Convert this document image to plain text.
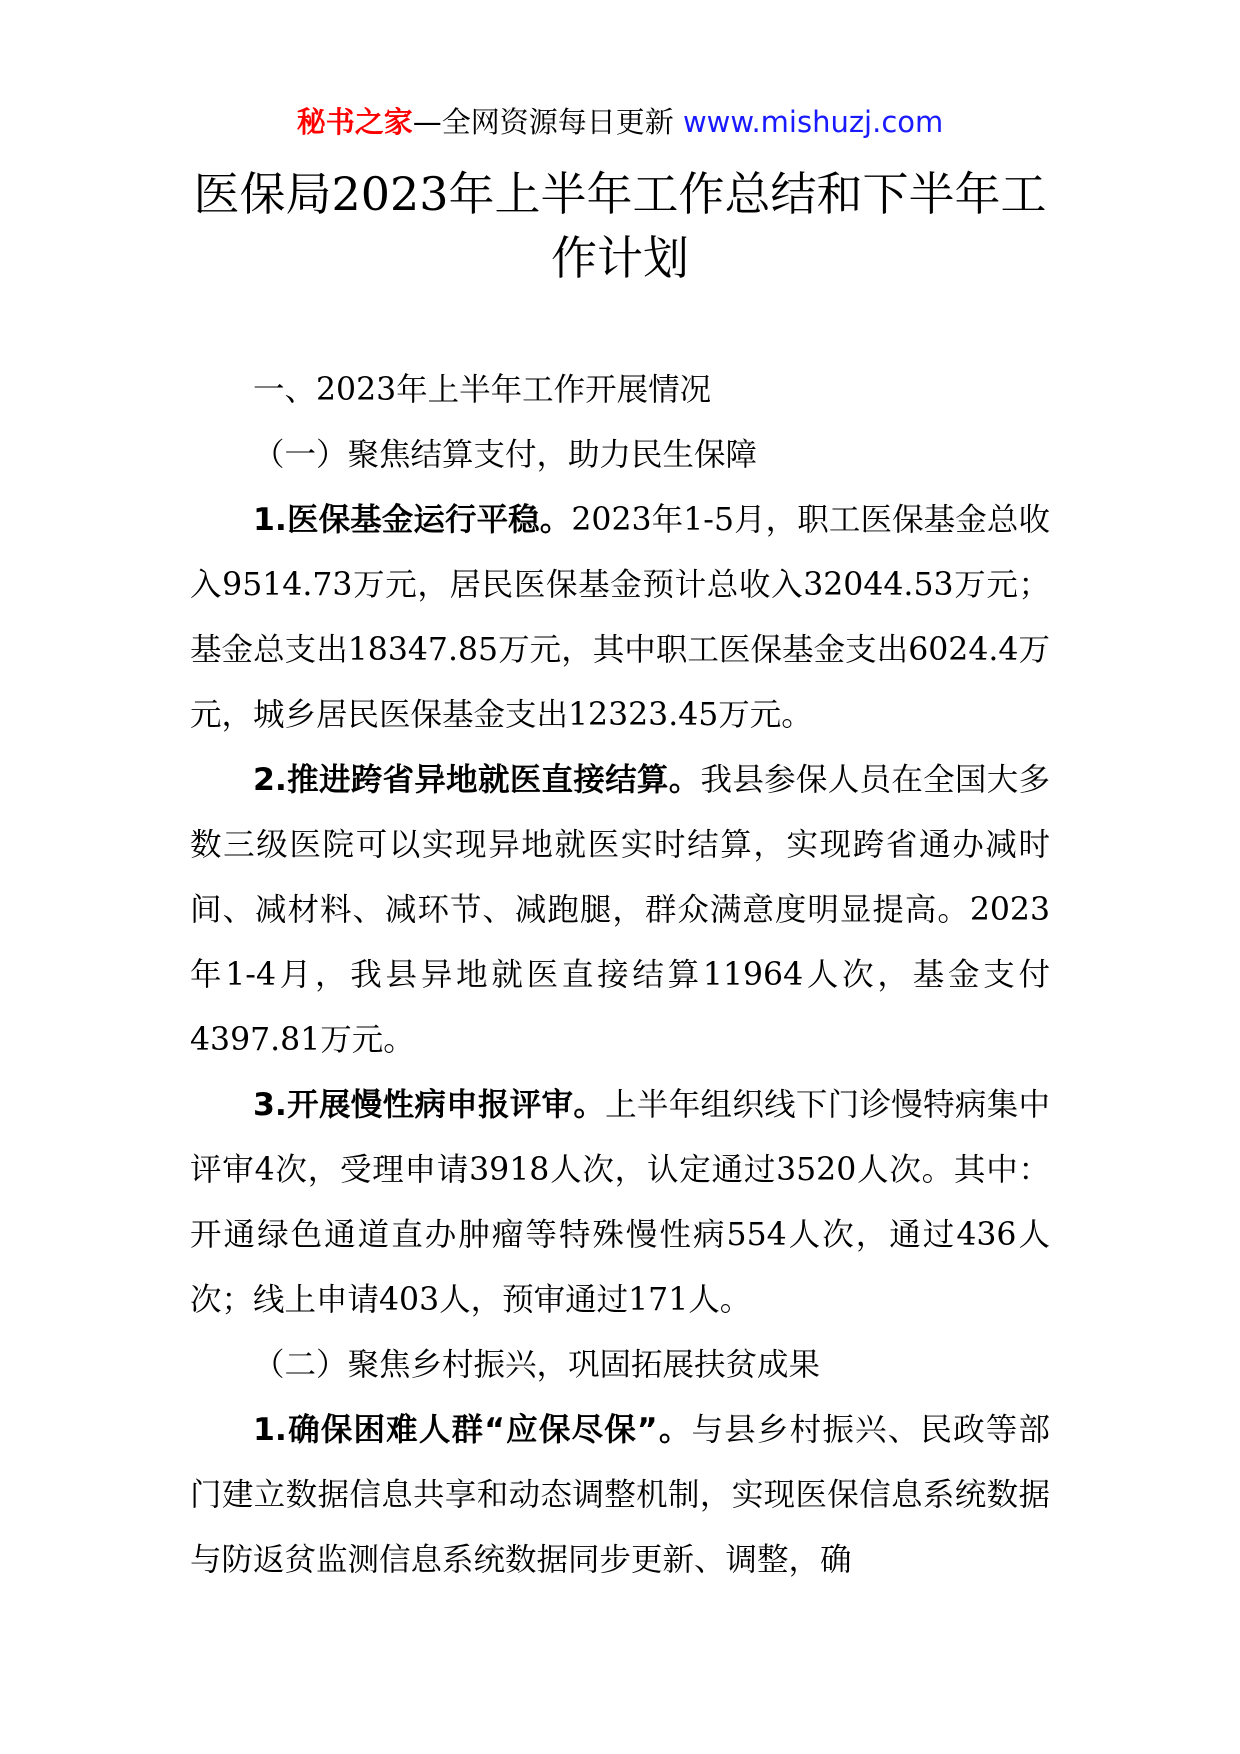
秘书之家—全网资源每日更新 www.mishuzj.com
医保局2023年上半年工作总结和下半年工作计划

一、2023年上半年工作开展情况

（一）聚焦结算支付，助力民生保障

1.医保基金运行平稳。2023年1-5月，职工医保基金总收入9514.73万元，居民医保基金预计总收入32044.53万元；基金总支出18347.85万元，其中职工医保基金支出6024.4万元，城乡居民医保基金支出12323.45万元。

2.推进跨省异地就医直接结算。我县参保人员在全国大多数三级医院可以实现异地就医实时结算，实现跨省通办减时间、减材料、减环节、减跑腿，群众满意度明显提高。2023年1-4月，我县异地就医直接结算11964人次，基金支付4397.81万元。

3.开展慢性病申报评审。上半年组织线下门诊慢特病集中评审4次，受理申请3918人次，认定通过3520人次。其中：开通绿色通道直办肿瘤等特殊慢性病554人次，通过436人次；线上申请403人，预审通过171人。

（二）聚焦乡村振兴，巩固拓展扶贫成果

1.确保困难人群“应保尽保”。与县乡村振兴、民政等部门建立数据信息共享和动态调整机制，实现医保信息系统数据与防返贫监测信息系统数据同步更新、调整，确
